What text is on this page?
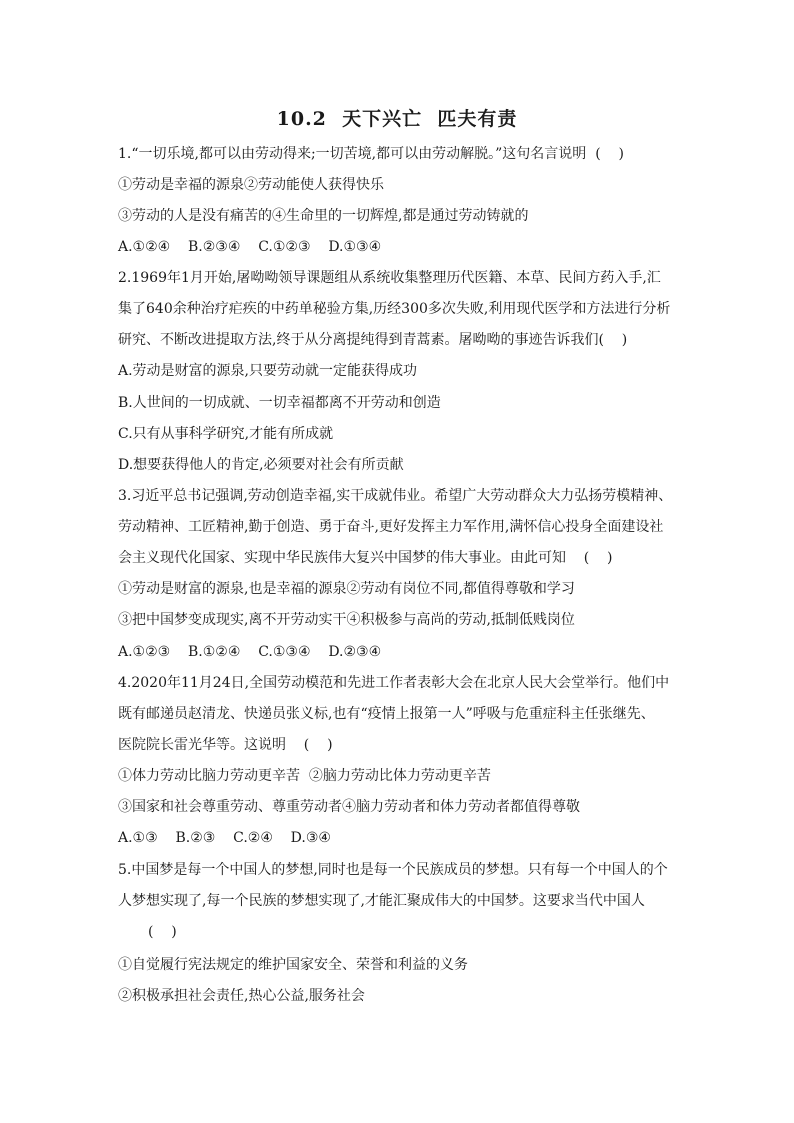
10.2  天下兴亡  匹夫有责
1.“一切乐境,都可以由劳动得来;一切苦境,都可以由劳动解脱。”这句名言说明  (    )
①劳动是幸福的源泉②劳动能使人获得快乐
③劳动的人是没有痛苦的④生命里的一切辉煌,都是通过劳动铸就的
A.①②④    B.②③④    C.①②③    D.①③④
2.1969年1月开始,屠呦呦领导课题组从系统收集整理历代医籍、本草、民间方药入手,汇
集了640余种治疗疟疾的中药单秘验方集,历经300多次失败,利用现代医学和方法进行分析
研究、不断改进提取方法,终于从分离提纯得到青蒿素。屠呦呦的事迹告诉我们(    )
A.劳动是财富的源泉,只要劳动就一定能获得成功
B.人世间的一切成就、一切幸福都离不开劳动和创造
C.只有从事科学研究,才能有所成就
D.想要获得他人的肯定,必须要对社会有所贡献
3.习近平总书记强调,劳动创造幸福,实干成就伟业。希望广大劳动群众大力弘扬劳模精神、
劳动精神、工匠精神,勤于创造、勇于奋斗,更好发挥主力军作用,满怀信心投身全面建设社
会主义现代化国家、实现中华民族伟大复兴中国梦的伟大事业。由此可知    (    )
①劳动是财富的源泉,也是幸福的源泉②劳动有岗位不同,都值得尊敬和学习
③把中国梦变成现实,离不开劳动实干④积极参与高尚的劳动,抵制低贱岗位
A.①②③    B.①②④    C.①③④    D.②③④
4.2020年11月24日,全国劳动模范和先进工作者表彰大会在北京人民大会堂举行。他们中
既有邮递员赵清龙、快递员张义标,也有“疫情上报第一人”呼吸与危重症科主任张继先、
医院院长雷光华等。这说明    (    )
①体力劳动比脑力劳动更辛苦  ②脑力劳动比体力劳动更辛苦
③国家和社会尊重劳动、尊重劳动者④脑力劳动者和体力劳动者都值得尊敬
A.①③    B.②③    C.②④    D.③④
5.中国梦是每一个中国人的梦想,同时也是每一个民族成员的梦想。只有每一个中国人的个
人梦想实现了,每一个民族的梦想实现了,才能汇聚成伟大的中国梦。这要求当代中国人
(    )
①自觉履行宪法规定的维护国家安全、荣誉和利益的义务
②积极承担社会责任,热心公益,服务社会
